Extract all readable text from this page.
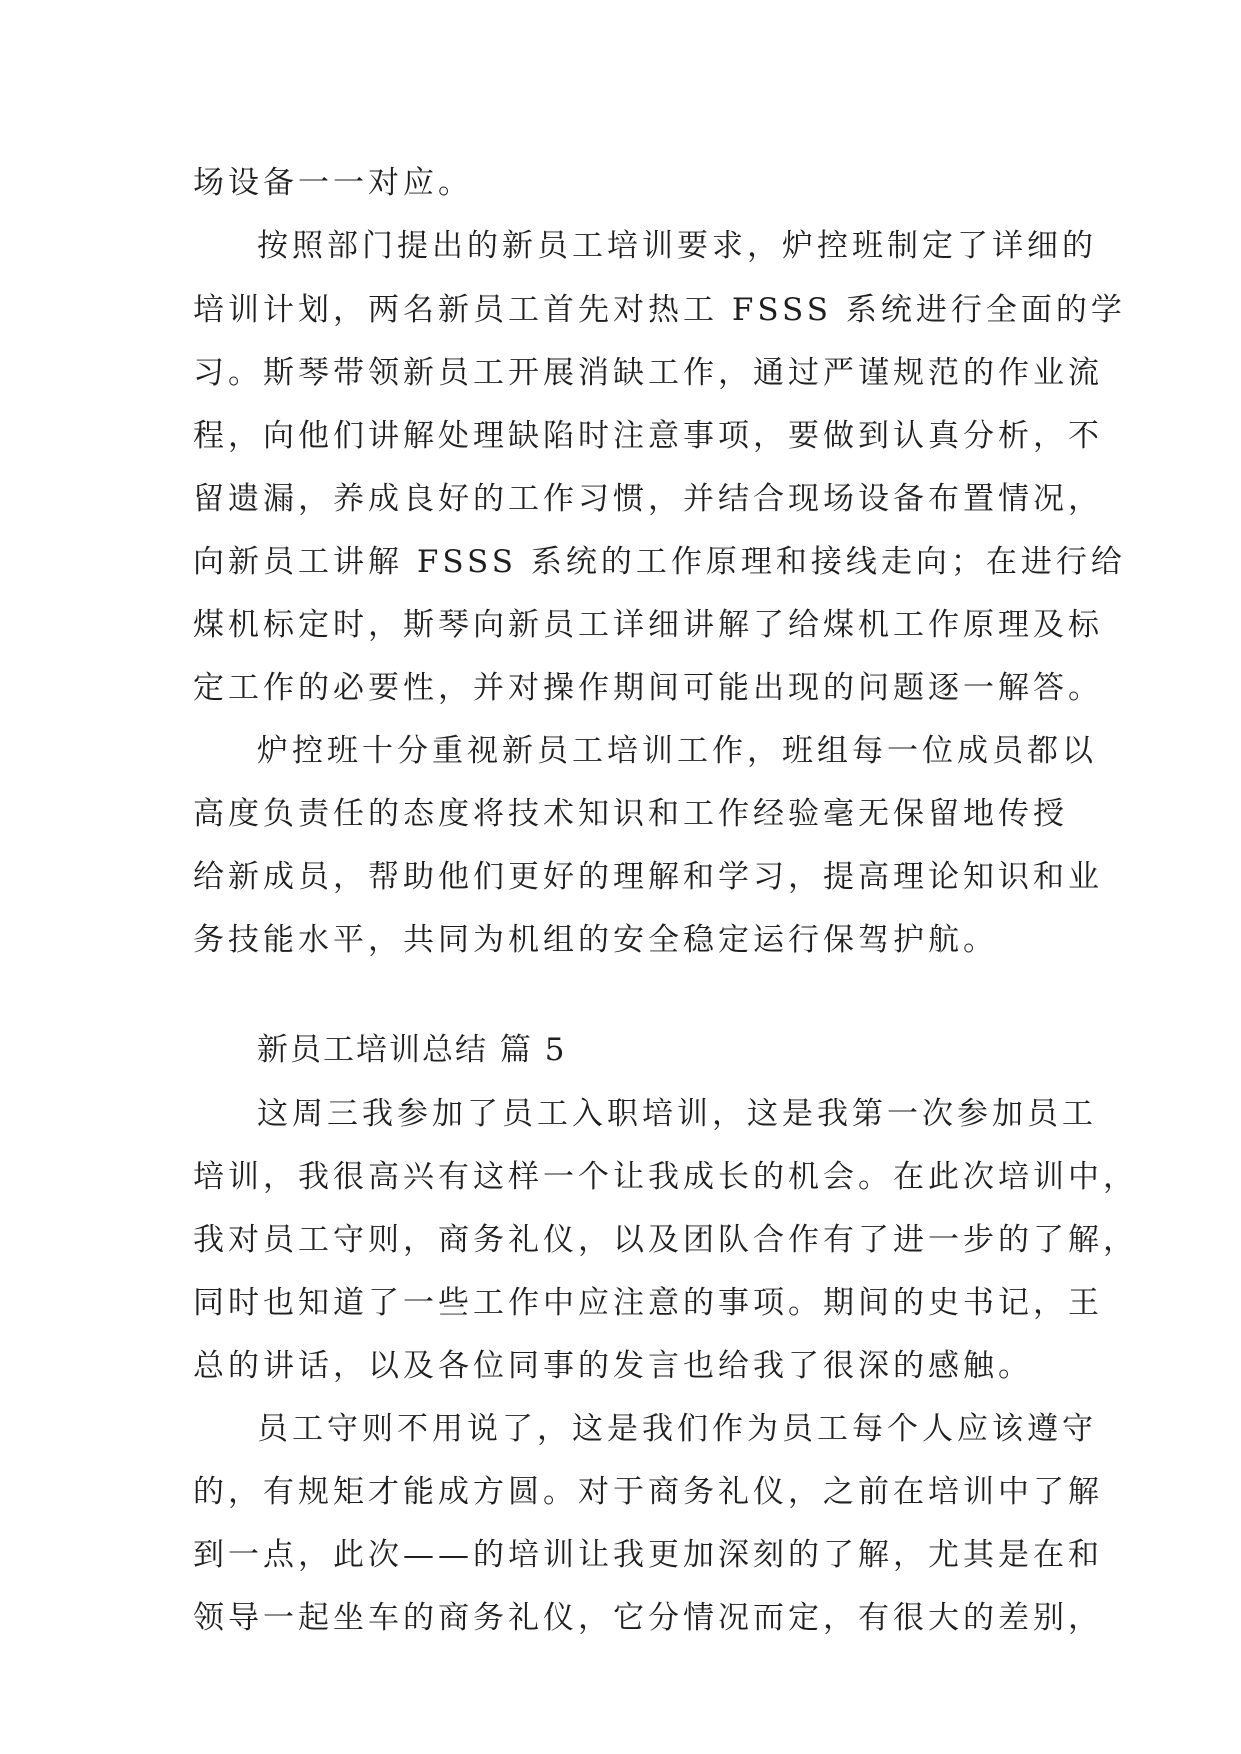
场设备一一对应。
按照部门提出的新员工培训要求，炉控班制定了详细的
培训计划，两名新员工首先对热工 FSSS 系统进行全面的学
习。斯琴带领新员工开展消缺工作，通过严谨规范的作业流
程，向他们讲解处理缺陷时注意事项，要做到认真分析，不
留遗漏，养成良好的工作习惯，并结合现场设备布置情况，
向新员工讲解 FSSS 系统的工作原理和接线走向；在进行给
煤机标定时，斯琴向新员工详细讲解了给煤机工作原理及标
定工作的必要性，并对操作期间可能出现的问题逐一解答。
炉控班十分重视新员工培训工作，班组每一位成员都以
高度负责任的态度将技术知识和工作经验毫无保留地传授
给新成员，帮助他们更好的理解和学习，提高理论知识和业
务技能水平，共同为机组的安全稳定运行保驾护航。
新员工培训总结 篇 5
这周三我参加了员工入职培训，这是我第一次参加员工
培训，我很高兴有这样一个让我成长的机会。在此次培训中，
我对员工守则，商务礼仪，以及团队合作有了进一步的了解，
同时也知道了一些工作中应注意的事项。期间的史书记，王
总的讲话，以及各位同事的发言也给我了很深的感触。
员工守则不用说了，这是我们作为员工每个人应该遵守
的，有规矩才能成方圆。对于商务礼仪，之前在培训中了解
到一点，此次——的培训让我更加深刻的了解，尤其是在和
领导一起坐车的商务礼仪，它分情况而定，有很大的差别，
